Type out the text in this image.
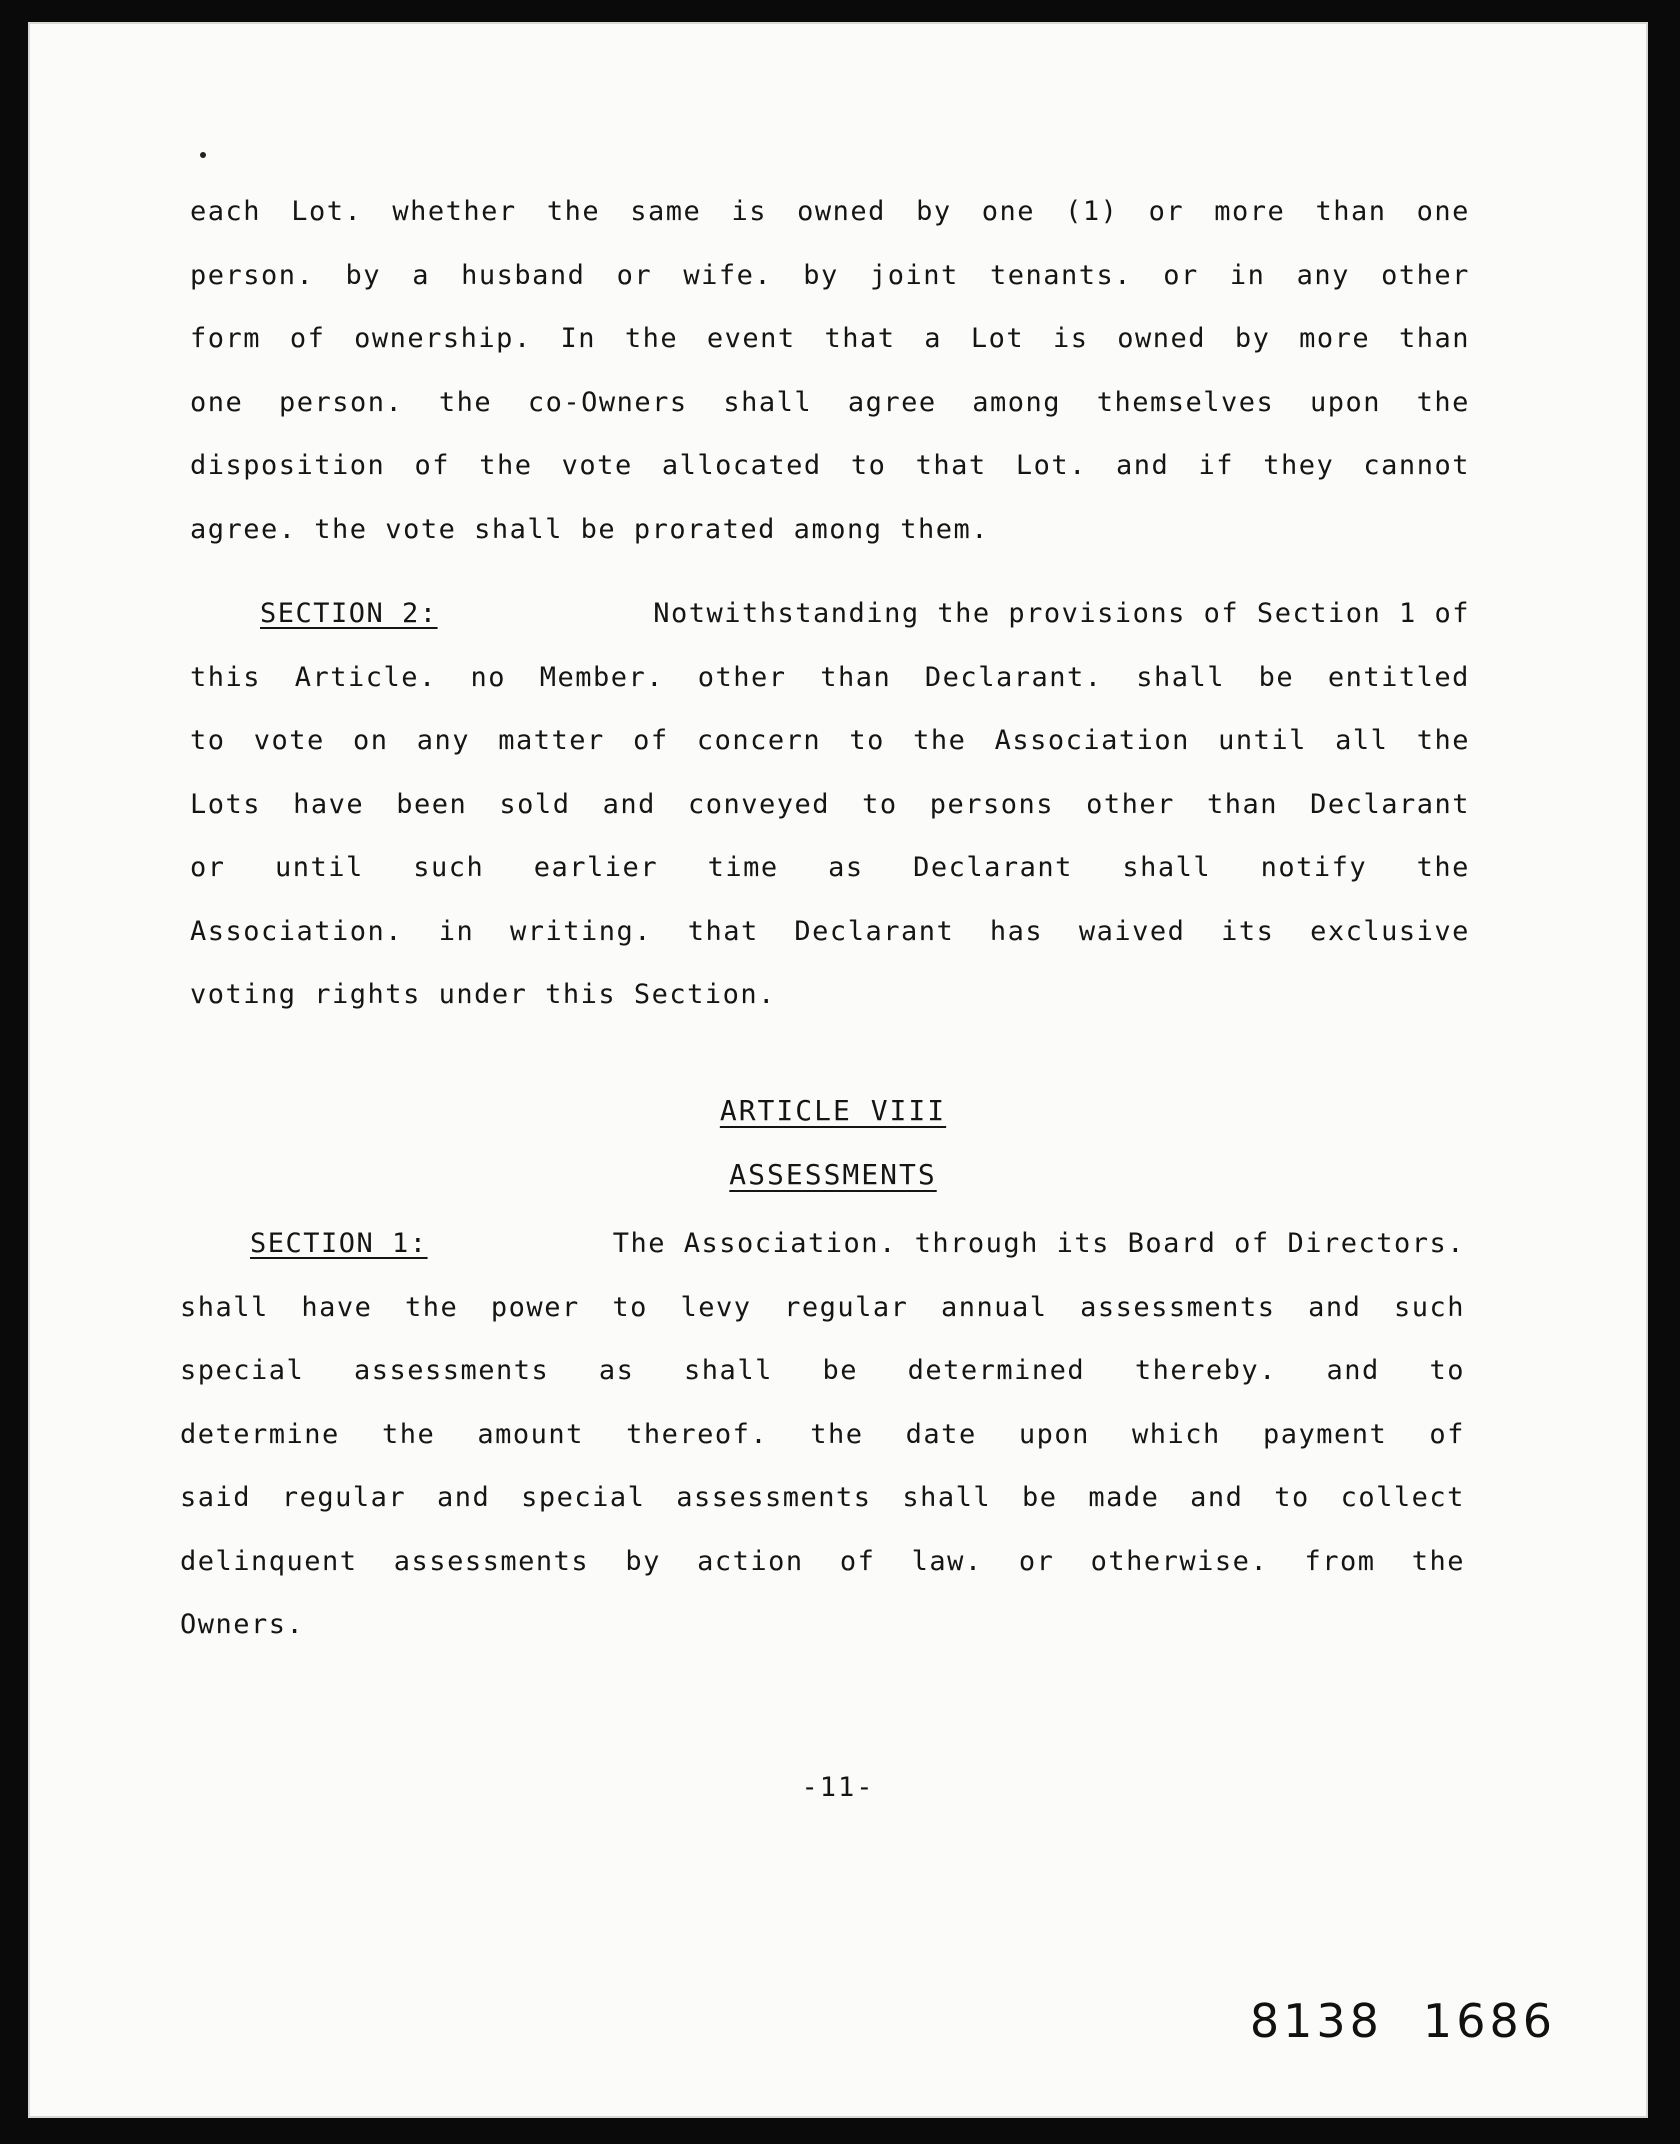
each Lot. whether the same is owned by one (1) or more than one
person. by a husband or wife. by joint tenants. or in any other
form of ownership. In the event that a Lot is owned by more than
one person. the co-Owners shall agree among themselves upon the
disposition of the vote allocated to that Lot. and if they cannot
agree. the vote shall be prorated among them.
SECTION 2:	Notwithstanding the provisions of Section 1 of
this Article. no Member. other than Declarant. shall be entitled
to vote on any matter of concern to the Association until all the
Lots have been sold and conveyed to persons other than Declarant
or until such earlier time as Declarant shall notify the
Association. in writing. that Declarant has waived its exclusive
voting rights under this Section.
ARTICLE VIII
ASSESSMENTS
SECTION 1:	The Association. through its Board of Directors.
shall have the power to levy regular annual assessments and such
special assessments as shall be determined thereby. and to
determine the amount thereof. the date upon which payment of
said regular and special assessments shall be made and to collect
delinquent assessments by action of law. or otherwise. from the
Owners.
-11-
8138 1686
